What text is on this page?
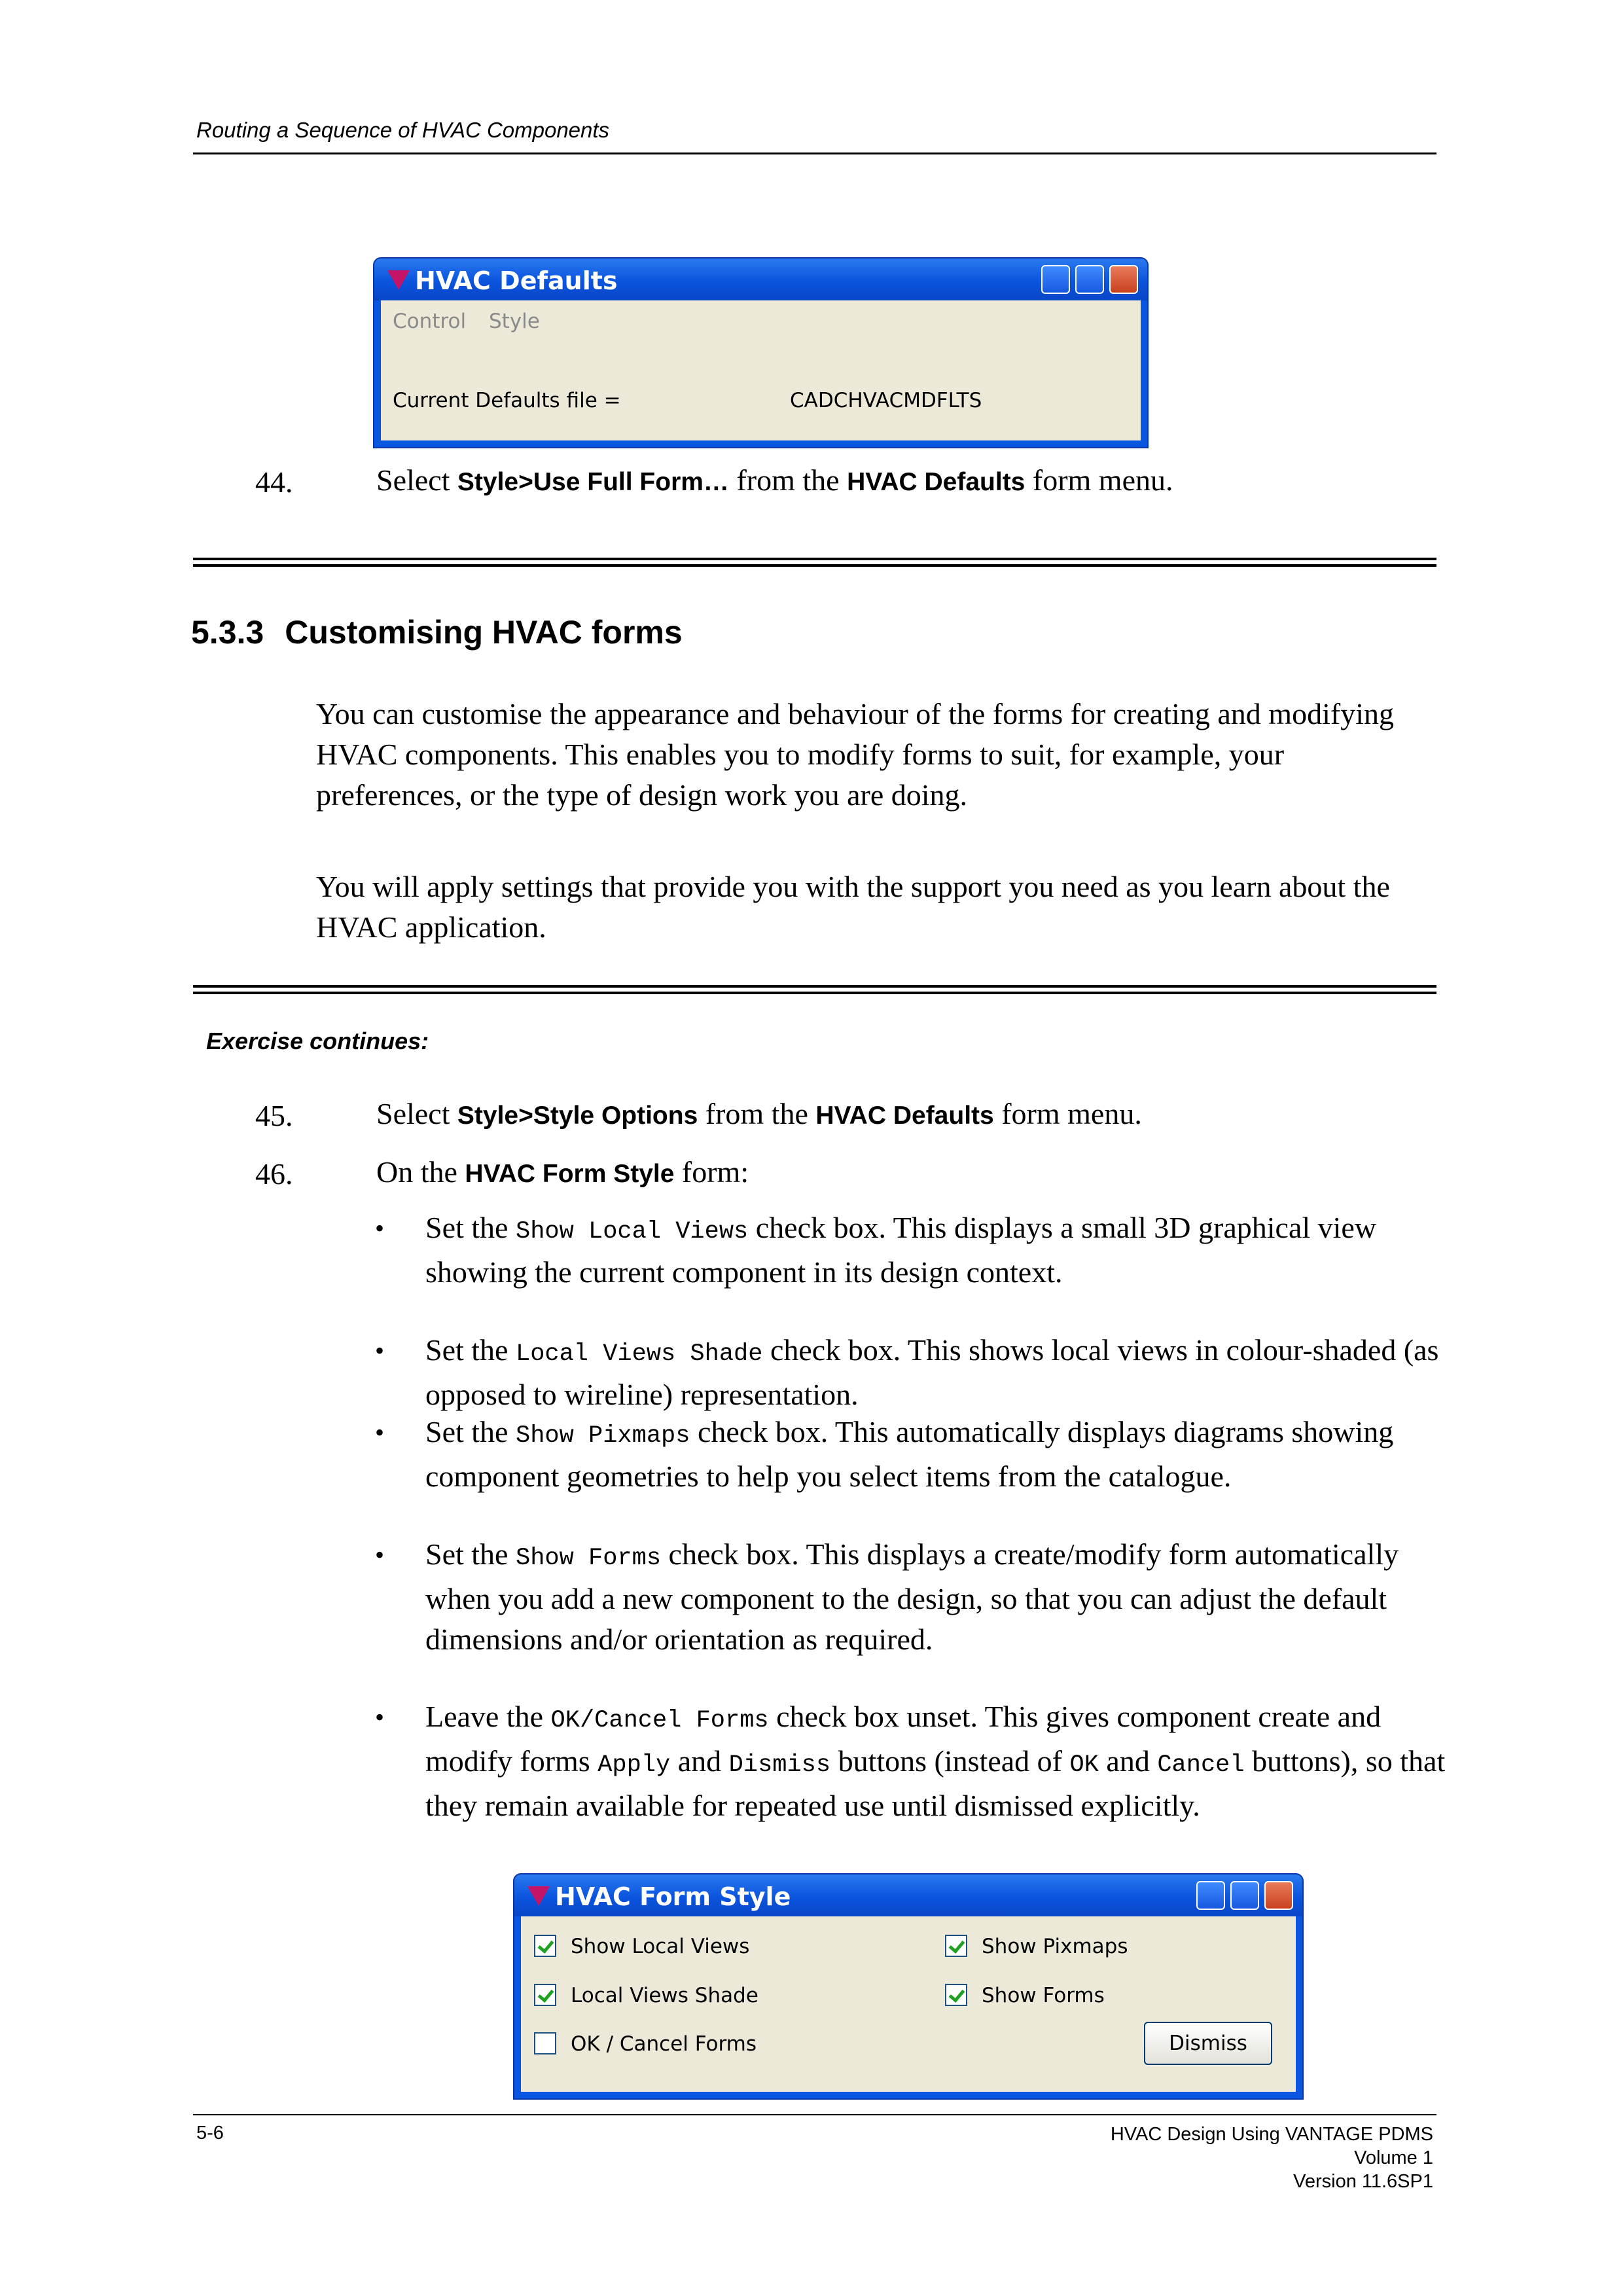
Routing a Sequence of HVAC Components
HVAC Defaults
Control Style
Current Defaults file =	CADCHVACMDFLTS
44.	Select Style>Use Full Form… from the HVAC Defaults form menu.
5.3.3 Customising HVAC forms
You can customise the appearance and behaviour of the forms for creating and modifying HVAC components. This enables you to modify forms to suit, for example, your preferences, or the type of design work you are doing.
You will apply settings that provide you with the support you need as you learn about the HVAC application.
Exercise continues:
45.	Select Style>Style Options from the HVAC Defaults form menu.
46.	On the HVAC Form Style form:
• Set the Show Local Views check box. This displays a small 3D graphical view showing the current component in its design context.
• Set the Local Views Shade check box. This shows local views in colour-shaded (as opposed to wireline) representation.
• Set the Show Pixmaps check box. This automatically displays diagrams showing component geometries to help you select items from the catalogue.
• Set the Show Forms check box. This displays a create/modify form automatically when you add a new component to the design, so that you can adjust the default dimensions and/or orientation as required.
• Leave the OK/Cancel Forms check box unset. This gives component create and modify forms Apply and Dismiss buttons (instead of OK and Cancel buttons), so that they remain available for repeated use until dismissed explicitly.
HVAC Form Style
Show Local Views	Show Pixmaps
Local Views Shade	Show Forms
OK / Cancel Forms	Dismiss
5-6	HVAC Design Using VANTAGE PDMS
Volume 1
Version 11.6SP1
